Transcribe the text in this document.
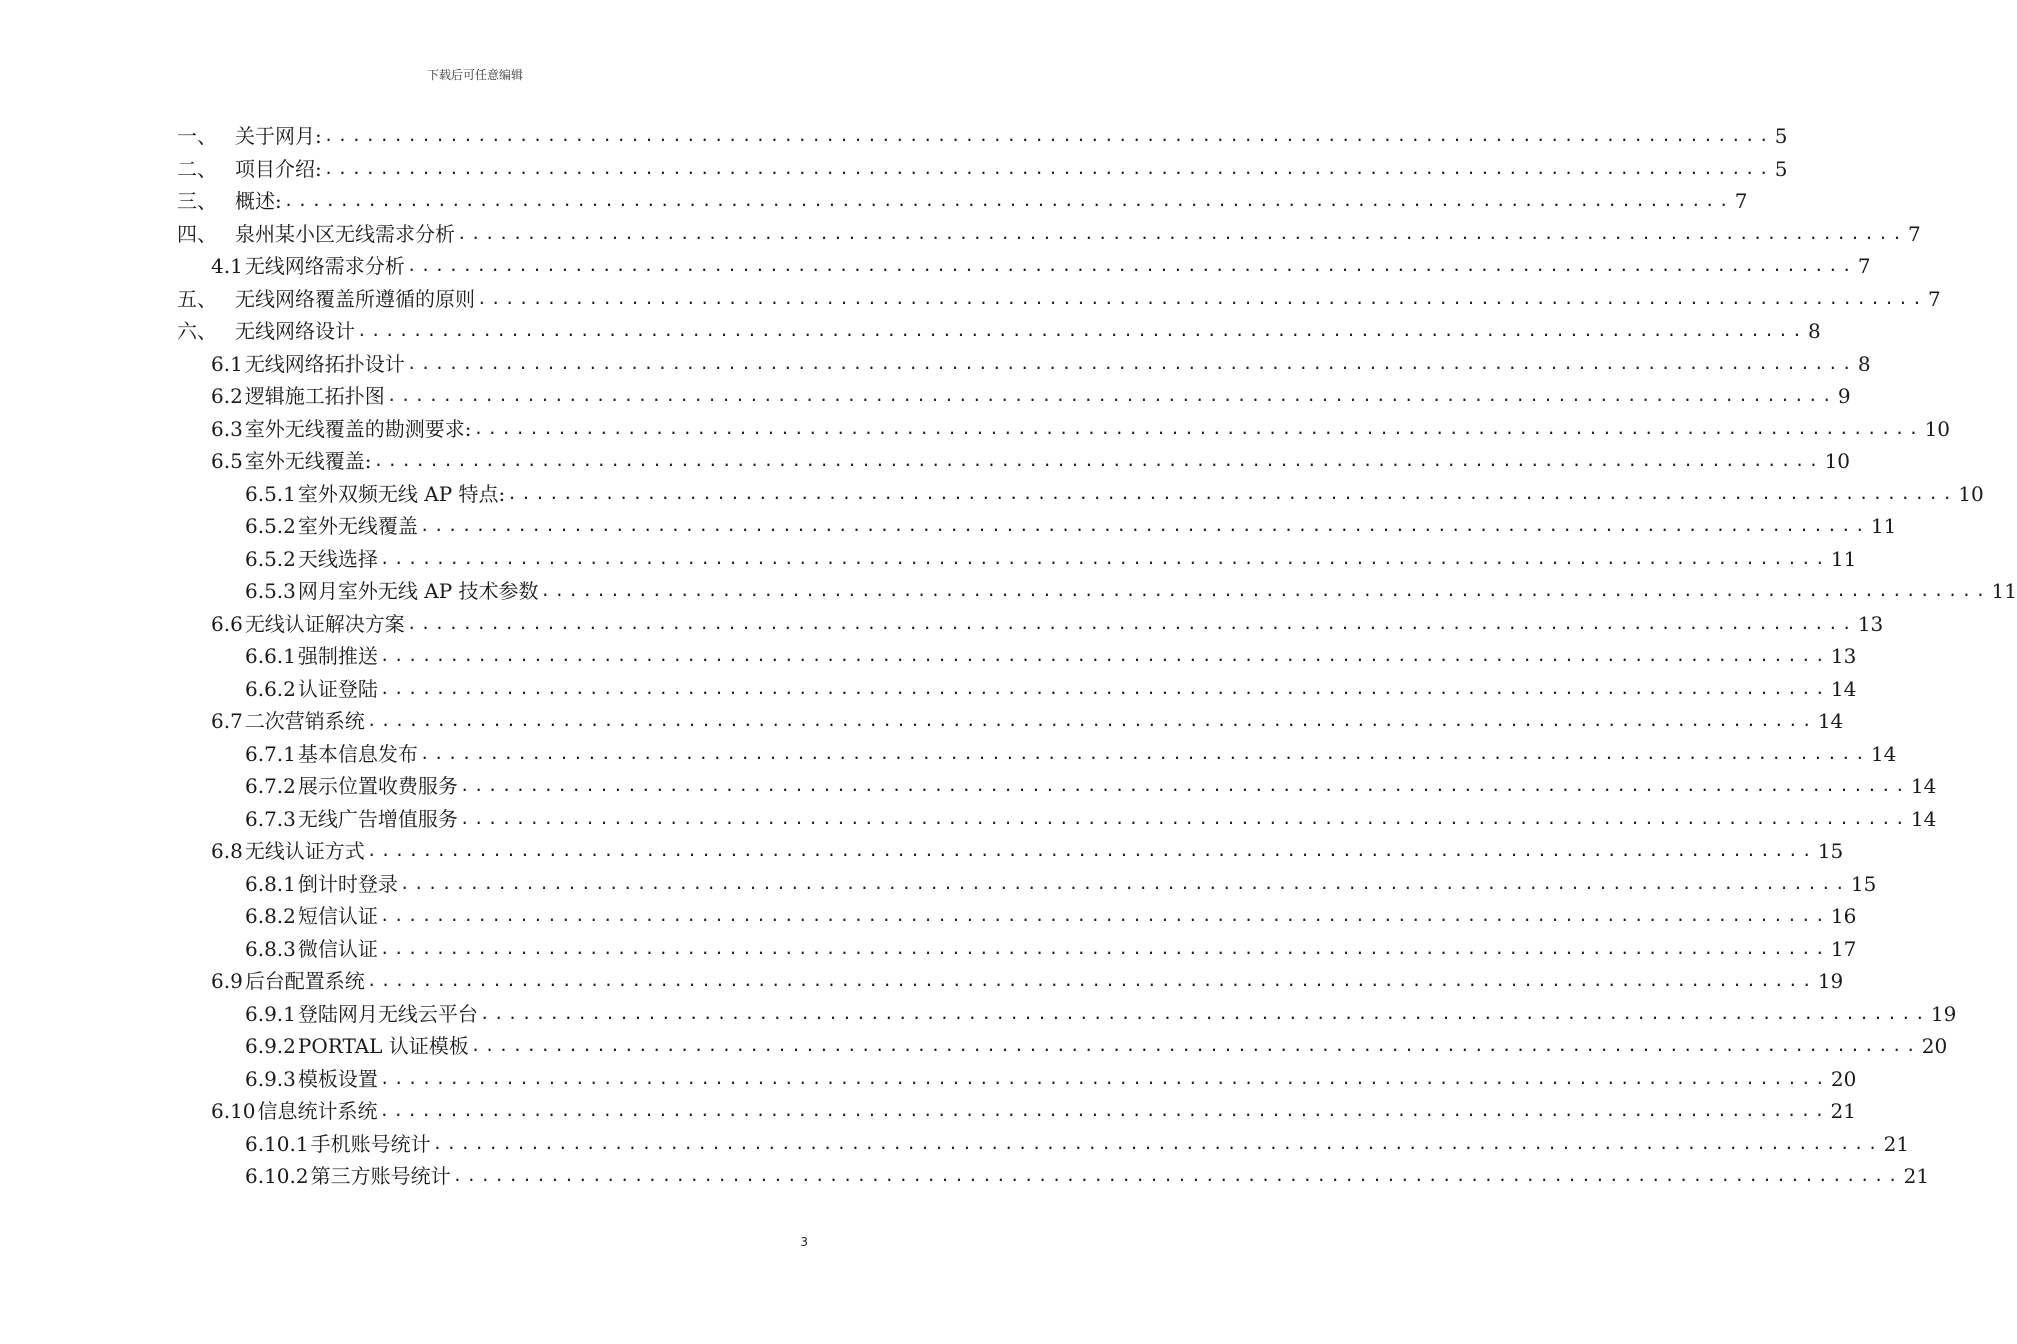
下载后可任意编辑
一、 关于网月: ........................................................................................................ 5
二、 项目介绍: ........................................................................................................ 5
三、 概述: ........................................................................................................ 7
四、 泉州某小区无线需求分析 ........................................................................................................ 7
4.1 无线网络需求分析 ........................................................................................................ 7
五、 无线网络覆盖所遵循的原则 ........................................................................................................ 7
六、 无线网络设计 ........................................................................................................ 8
6.1 无线网络拓扑设计 ........................................................................................................ 8
6.2 逻辑施工拓扑图 ........................................................................................................ 9
6.3 室外无线覆盖的勘测要求: ........................................................................................................ 10
6.5 室外无线覆盖: ........................................................................................................ 10
6.5.1 室外双频无线 AP 特点: ........................................................................................................ 10
6.5.2 室外无线覆盖 ........................................................................................................ 11
6.5.2 天线选择 ........................................................................................................ 11
6.5.3 网月室外无线 AP 技术参数 ........................................................................................................ 11
6.6 无线认证解决方案 ........................................................................................................ 13
6.6.1 强制推送 ........................................................................................................ 13
6.6.2 认证登陆 ........................................................................................................ 14
6.7 二次营销系统 ........................................................................................................ 14
6.7.1 基本信息发布 ........................................................................................................ 14
6.7.2 展示位置收费服务 ........................................................................................................ 14
6.7.3 无线广告增值服务 ........................................................................................................ 14
6.8 无线认证方式 ........................................................................................................ 15
6.8.1 倒计时登录 ........................................................................................................ 15
6.8.2 短信认证 ........................................................................................................ 16
6.8.3 微信认证 ........................................................................................................ 17
6.9 后台配置系统 ........................................................................................................ 19
6.9.1 登陆网月无线云平台 ........................................................................................................ 19
6.9.2 PORTAL 认证模板 ........................................................................................................ 20
6.9.3 模板设置 ........................................................................................................ 20
6.10 信息统计系统 ........................................................................................................ 21
6.10.1 手机账号统计 ........................................................................................................ 21
6.10.2 第三方账号统计 ........................................................................................................ 21
3
